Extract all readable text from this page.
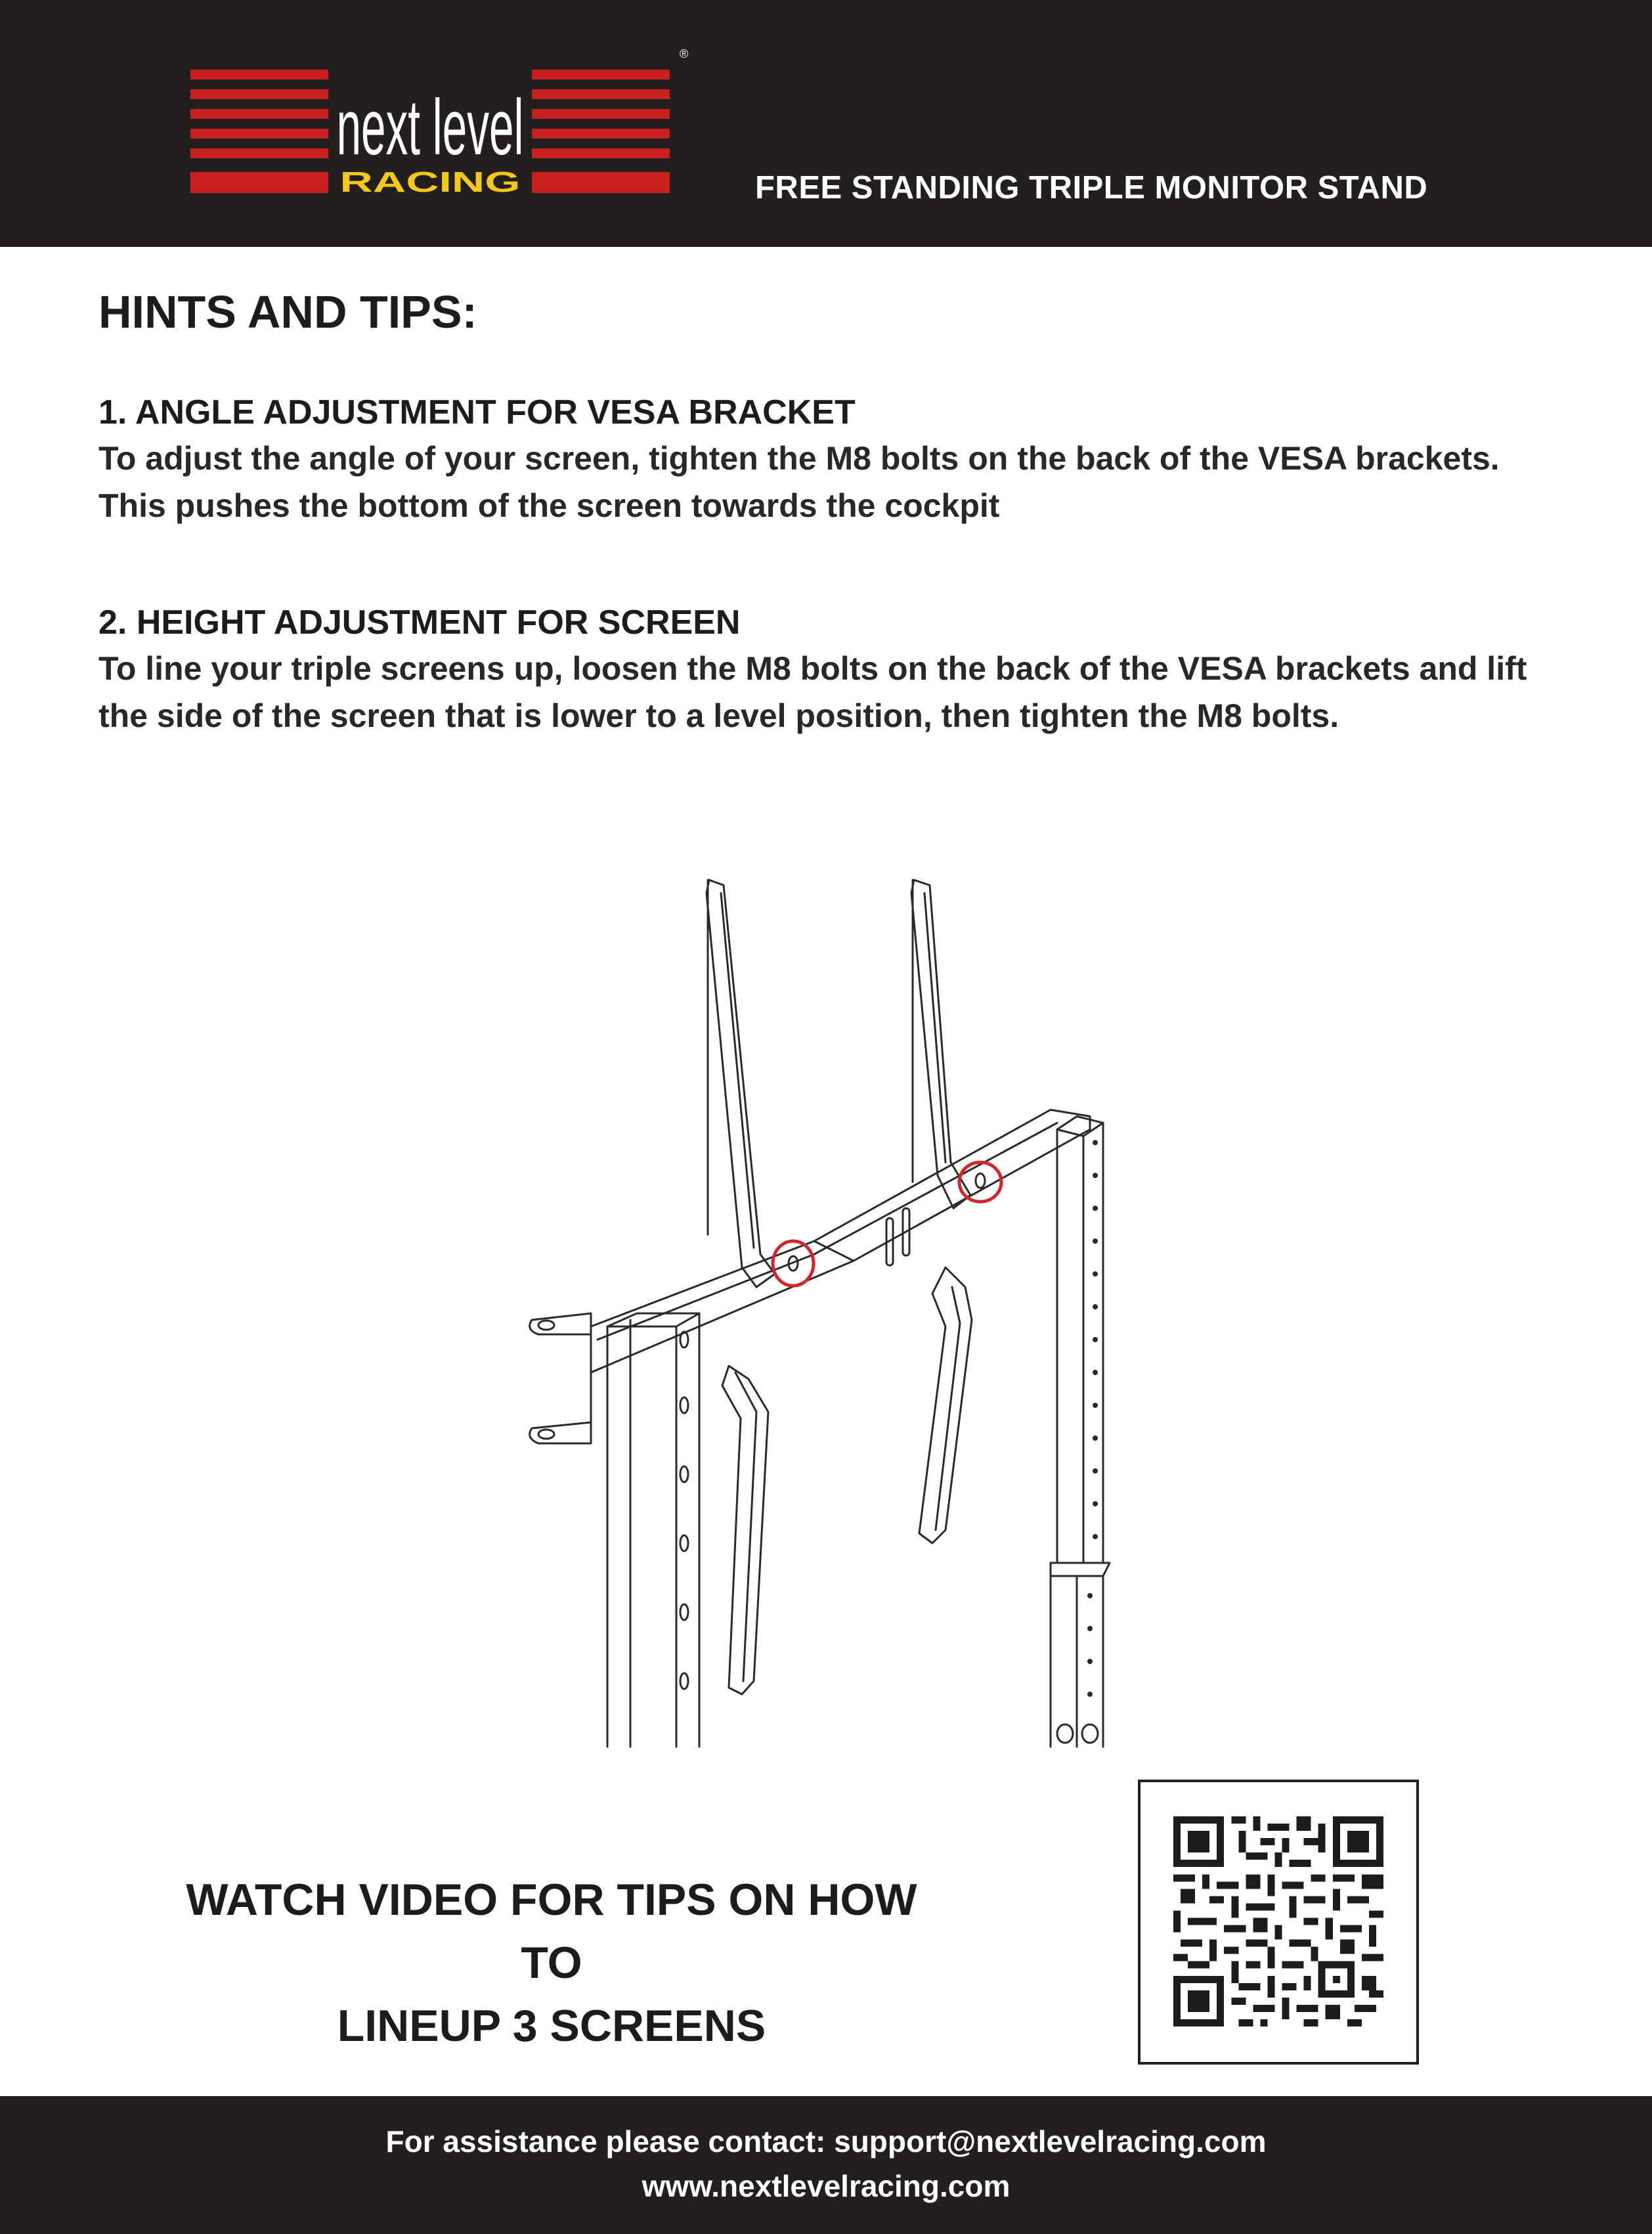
next level
RACING
®
FREE STANDING TRIPLE MONITOR STAND
HINTS AND TIPS:
1. ANGLE ADJUSTMENT FOR VESA BRACKET
To adjust the angle of your screen, tighten the M8 bolts on the back of the VESA brackets. This pushes the bottom of the screen towards the cockpit
2. HEIGHT ADJUSTMENT FOR SCREEN
To line your triple screens up, loosen the M8 bolts on the back of the VESA brackets and lift the side of the screen that is lower to a level position, then tighten the M8 bolts.
WATCH VIDEO FOR TIPS ON HOW TO
LINEUP 3 SCREENS
For assistance please contact: support@nextlevelracing.com
www.nextlevelracing.com
